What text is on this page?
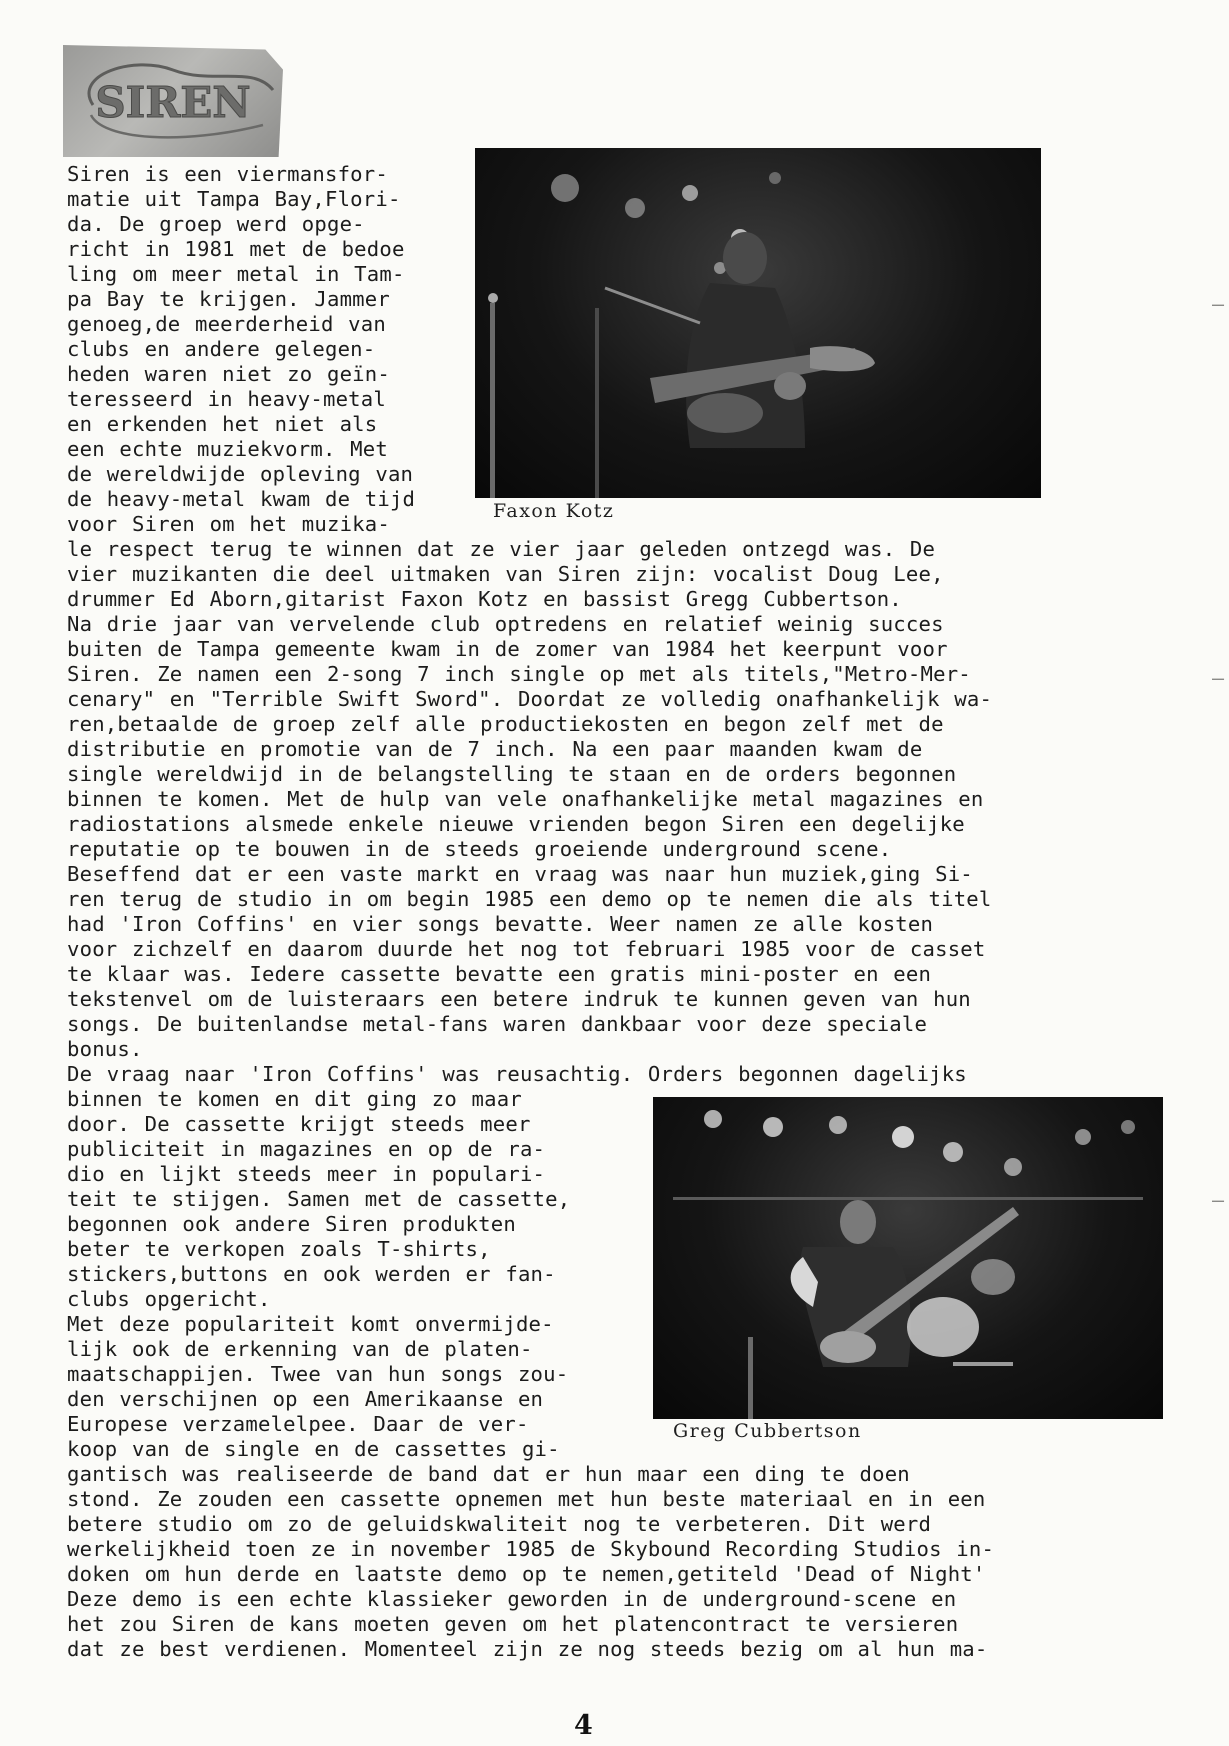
SIREN
Faxon Kotz
Greg Cubbertson
Siren is een viermansfor-
matie uit Tampa Bay,Flori-
da. De groep werd opge-
richt in 1981 met de bedoe
ling om meer metal in Tam-
pa Bay te krijgen. Jammer
genoeg,de meerderheid van
clubs en andere gelegen-
heden waren niet zo geïn-
teresseerd in heavy-metal
en erkenden het niet als
een echte muziekvorm. Met
de wereldwijde opleving van
de heavy-metal kwam de tijd
voor Siren om het muzika-
le respect terug te winnen dat ze vier jaar geleden ontzegd was. De
vier muzikanten die deel uitmaken van Siren zijn: vocalist Doug Lee,
drummer Ed Aborn,gitarist Faxon Kotz en bassist Gregg Cubbertson.
Na drie jaar van vervelende club optredens en relatief weinig succes
buiten de Tampa gemeente kwam in de zomer van 1984 het keerpunt voor
Siren. Ze namen een 2-song 7 inch single op met als titels,"Metro-Mer-
cenary" en "Terrible Swift Sword". Doordat ze volledig onafhankelijk wa-
ren,betaalde de groep zelf alle productiekosten en begon zelf met de
distributie en promotie van de 7 inch. Na een paar maanden kwam de
single wereldwijd in de belangstelling te staan en de orders begonnen
binnen te komen. Met de hulp van vele onafhankelijke metal magazines en
radiostations alsmede enkele nieuwe vrienden begon Siren een degelijke
reputatie op te bouwen in de steeds groeiende underground scene.
Beseffend dat er een vaste markt en vraag was naar hun muziek,ging Si-
ren terug de studio in om begin 1985 een demo op te nemen die als titel
had 'Iron Coffins' en vier songs bevatte. Weer namen ze alle kosten
voor zichzelf en daarom duurde het nog tot februari 1985 voor de casset
te klaar was. Iedere cassette bevatte een gratis mini-poster en een
tekstenvel om de luisteraars een betere indruk te kunnen geven van hun
songs. De buitenlandse metal-fans waren dankbaar voor deze speciale
bonus.
De vraag naar 'Iron Coffins' was reusachtig. Orders begonnen dagelijks
binnen te komen en dit ging zo maar
door. De cassette krijgt steeds meer
publiciteit in magazines en op de ra-
dio en lijkt steeds meer in populari-
teit te stijgen. Samen met de cassette,
begonnen ook andere Siren produkten
beter te verkopen zoals T-shirts,
stickers,buttons en ook werden er fan-
clubs opgericht.
Met deze populariteit komt onvermijde-
lijk ook de erkenning van de platen-
maatschappijen. Twee van hun songs zou-
den verschijnen op een Amerikaanse en
Europese verzamelelpee. Daar de ver-
koop van de single en de cassettes gi-
gantisch was realiseerde de band dat er hun maar een ding te doen
stond. Ze zouden een cassette opnemen met hun beste materiaal en in een
betere studio om zo de geluidskwaliteit nog te verbeteren. Dit werd
werkelijkheid toen ze in november 1985 de Skybound Recording Studios in-
doken om hun derde en laatste demo op te nemen,getiteld 'Dead of Night'
Deze demo is een echte klassieker geworden in de underground-scene en
het zou Siren de kans moeten geven om het platencontract te versieren
dat ze best verdienen. Momenteel zijn ze nog steeds bezig om al hun ma-
–
–
–
4
